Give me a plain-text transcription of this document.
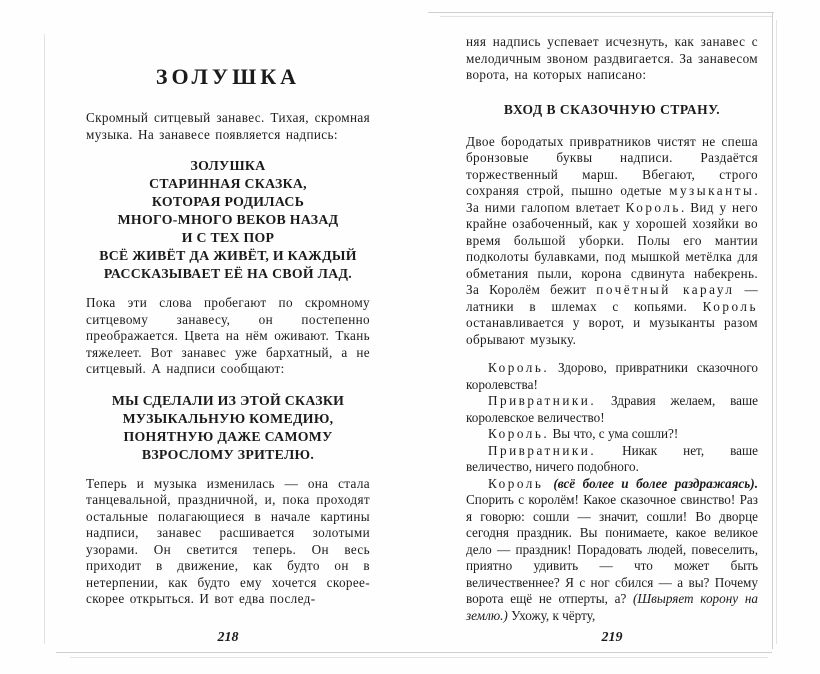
ЗОЛУШКА

Скромный ситцевый занавес. Тихая, скромная музыка. На занавесе появляется надпись:

ЗОЛУШКА
СТАРИННАЯ СКАЗКА,
КОТОРАЯ РОДИЛАСЬ
МНОГО-МНОГО ВЕКОВ НАЗАД
И С ТЕХ ПОР
ВСЁ ЖИВЁТ ДА ЖИВЁТ, И КАЖДЫЙ
РАССКАЗЫВАЕТ ЕЁ НА СВОЙ ЛАД.

Пока эти слова пробегают по скромному ситцевому занавесу, он постепенно преображается. Цвета на нём оживают. Ткань тяжелеет. Вот занавес уже бархатный, а не ситцевый. А надписи сообщают:

МЫ СДЕЛАЛИ ИЗ ЭТОЙ СКАЗКИ
МУЗЫКАЛЬНУЮ КОМЕДИЮ,
ПОНЯТНУЮ ДАЖЕ САМОМУ
ВЗРОСЛОМУ ЗРИТЕЛЮ.

Теперь и музыка изменилась — она стала танцевальной, праздничной, и, пока проходят остальные полагающиеся в начале картины надписи, занавес расшивается золотыми узорами. Он светится теперь. Он весь приходит в движение, как будто он в нетерпении, как будто ему хочется скорее-скорее открыться. И вот едва послед-

218

няя надпись успевает исчезнуть, как занавес с мелодичным звоном раздвигается. За занавесом ворота, на которых написано:

ВХОД В СКАЗОЧНУЮ СТРАНУ.

Двое бородатых привратников чистят не спеша бронзовые буквы надписи. Раздаётся торжественный марш. Вбегают, строго сохраняя строй, пышно одетые музыканты. За ними галопом влетает Король. Вид у него крайне озабоченный, как у хорошей хозяйки во время большой уборки. Полы его мантии подколоты булавками, под мышкой метёлка для обметания пыли, корона сдвинута набекрень. За Королём бежит почётный караул — латники в шлемах с копьями. Король останавливается у ворот, и музыканты разом обрывают музыку.

Король. Здорово, привратники сказочного королевства!

Привратники. Здравия желаем, ваше королевское величество!

Король. Вы что, с ума сошли?!

Привратники. Никак нет, ваше величество, ничего подобного.

Король (всё более и более раздражаясь). Спорить с королём! Какое сказочное свинство! Раз я говорю: сошли — значит, сошли! Во дворце сегодня праздник. Вы понимаете, какое великое дело — праздник! Порадовать людей, повеселить, приятно удивить — что может быть величественнее? Я с ног сбился — а вы? Почему ворота ещё не отперты, а? (Швыряет корону на землю.) Ухожу, к чёрту,

219
